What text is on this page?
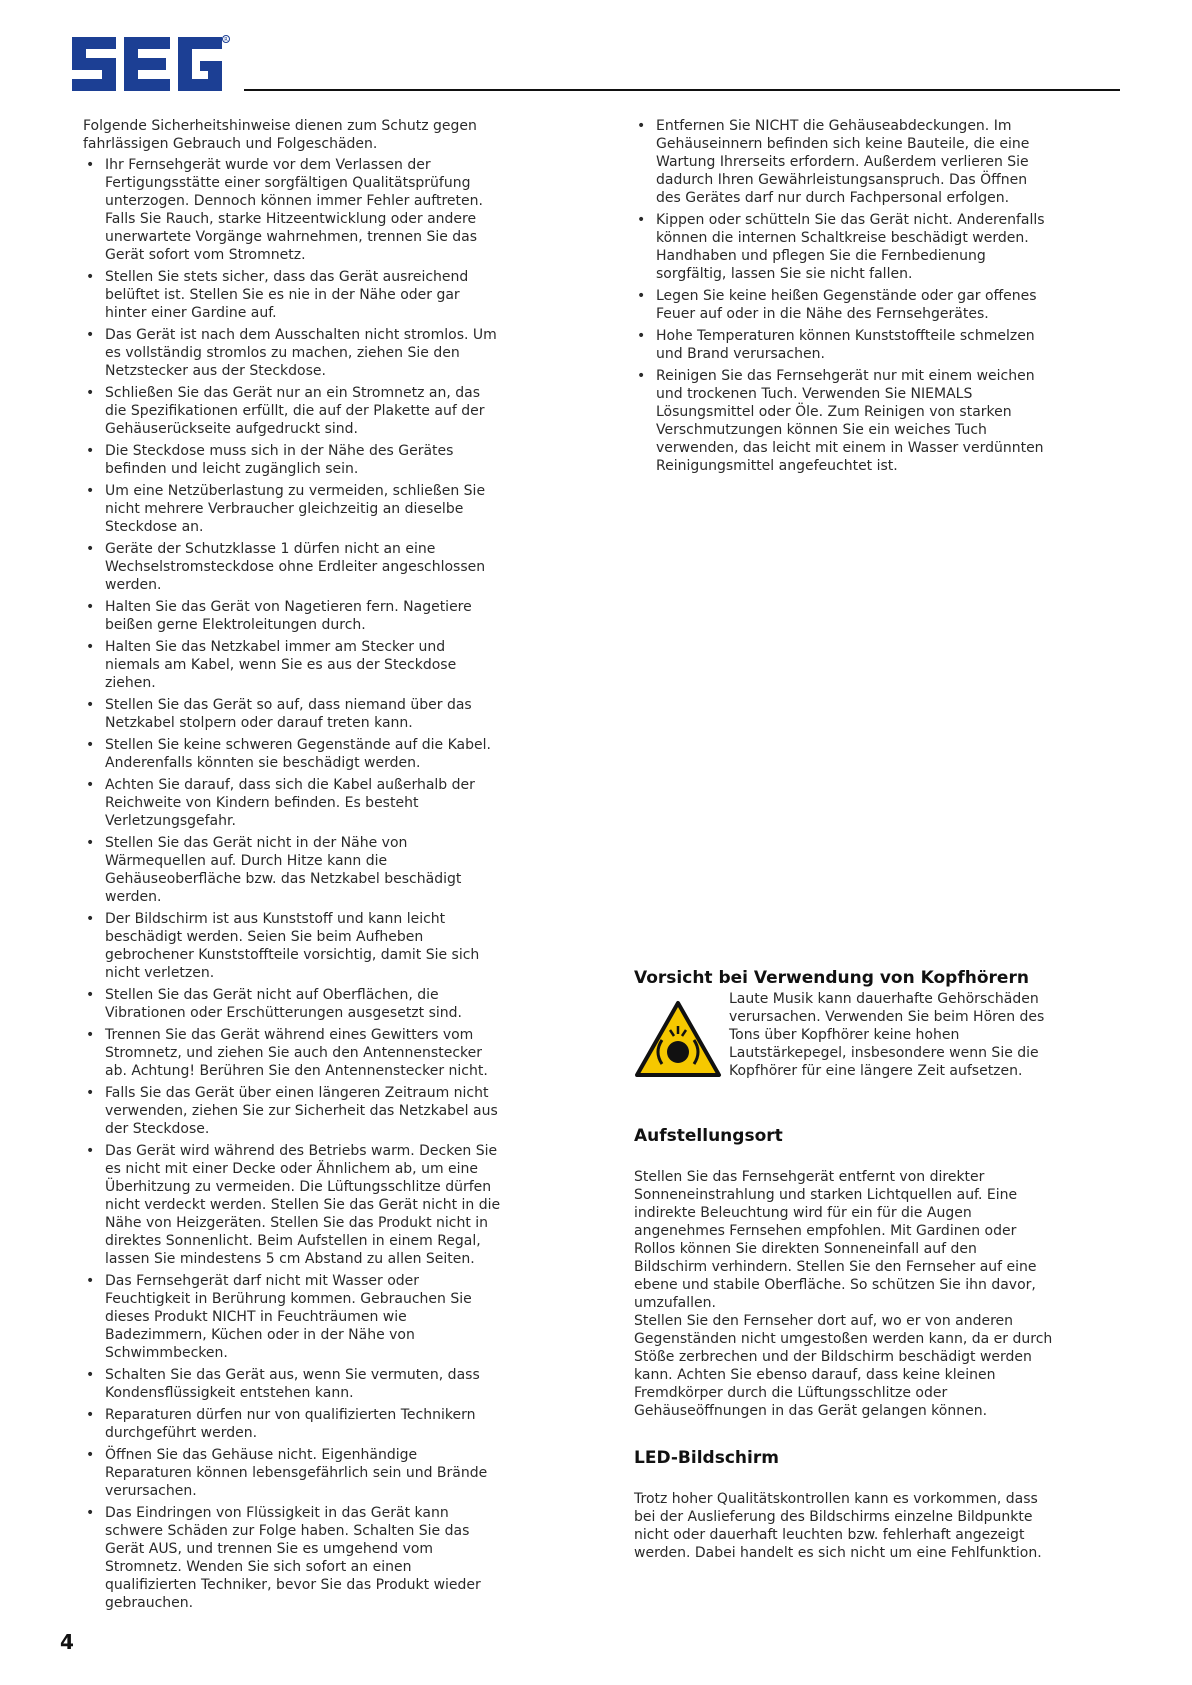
R

Folgende Sicherheitshinweise dienen zum Schutz gegen fahrlässigen Gebrauch und Folgeschäden.

• Ihr Fernsehgerät wurde vor dem Verlassen der Fertigungsstätte einer sorgfältigen Qualitätsprüfung unterzogen. Dennoch können immer Fehler auftreten. Falls Sie Rauch, starke Hitzeentwicklung oder andere unerwartete Vorgänge wahrnehmen, trennen Sie das Gerät sofort vom Stromnetz.
• Stellen Sie stets sicher, dass das Gerät ausreichend belüftet ist. Stellen Sie es nie in der Nähe oder gar hinter einer Gardine auf.
• Das Gerät ist nach dem Ausschalten nicht stromlos. Um es vollständig stromlos zu machen, ziehen Sie den Netzstecker aus der Steckdose.
• Schließen Sie das Gerät nur an ein Stromnetz an, das die Spezifikationen erfüllt, die auf der Plakette auf der Gehäuserückseite aufgedruckt sind.
• Die Steckdose muss sich in der Nähe des Gerätes befinden und leicht zugänglich sein.
• Um eine Netzüberlastung zu vermeiden, schließen Sie nicht mehrere Verbraucher gleichzeitig an dieselbe Steckdose an.
• Geräte der Schutzklasse 1 dürfen nicht an eine Wechselstromsteckdose ohne Erdleiter angeschlossen werden.
• Halten Sie das Gerät von Nagetieren fern. Nagetiere beißen gerne Elektroleitungen durch.
• Halten Sie das Netzkabel immer am Stecker und niemals am Kabel, wenn Sie es aus der Steckdose ziehen.
• Stellen Sie das Gerät so auf, dass niemand über das Netzkabel stolpern oder darauf treten kann.
• Stellen Sie keine schweren Gegenstände auf die Kabel. Anderenfalls könnten sie beschädigt werden.
• Achten Sie darauf, dass sich die Kabel außerhalb der Reichweite von Kindern befinden. Es besteht Verletzungsgefahr.
• Stellen Sie das Gerät nicht in der Nähe von Wärmequellen auf. Durch Hitze kann die Gehäuseoberfläche bzw. das Netzkabel beschädigt werden.
• Der Bildschirm ist aus Kunststoff und kann leicht beschädigt werden. Seien Sie beim Aufheben gebrochener Kunststoffteile vorsichtig, damit Sie sich nicht verletzen.
• Stellen Sie das Gerät nicht auf Oberflächen, die Vibrationen oder Erschütterungen ausgesetzt sind.
• Trennen Sie das Gerät während eines Gewitters vom Stromnetz, und ziehen Sie auch den Antennenstecker ab. Achtung! Berühren Sie den Antennenstecker nicht.
• Falls Sie das Gerät über einen längeren Zeitraum nicht verwenden, ziehen Sie zur Sicherheit das Netzkabel aus der Steckdose.
• Das Gerät wird während des Betriebs warm. Decken Sie es nicht mit einer Decke oder Ähnlichem ab, um eine Überhitzung zu vermeiden. Die Lüftungsschlitze dürfen nicht verdeckt werden. Stellen Sie das Gerät nicht in die Nähe von Heizgeräten. Stellen Sie das Produkt nicht in direktes Sonnenlicht. Beim Aufstellen in einem Regal, lassen Sie mindestens 5 cm Abstand zu allen Seiten.
• Das Fernsehgerät darf nicht mit Wasser oder Feuchtigkeit in Berührung kommen. Gebrauchen Sie dieses Produkt NICHT in Feuchträumen wie Badezimmern, Küchen oder in der Nähe von Schwimmbecken.
• Schalten Sie das Gerät aus, wenn Sie vermuten, dass Kondensflüssigkeit entstehen kann.
• Reparaturen dürfen nur von qualifizierten Technikern durchgeführt werden.
• Öffnen Sie das Gehäuse nicht. Eigenhändige Reparaturen können lebensgefährlich sein und Brände verursachen.
• Das Eindringen von Flüssigkeit in das Gerät kann schwere Schäden zur Folge haben. Schalten Sie das Gerät AUS, und trennen Sie es umgehend vom Stromnetz. Wenden Sie sich sofort an einen qualifizierten Techniker, bevor Sie das Produkt wieder gebrauchen.
• Entfernen Sie NICHT die Gehäuseabdeckungen. Im Gehäuseinnern befinden sich keine Bauteile, die eine Wartung Ihrerseits erfordern. Außerdem verlieren Sie dadurch Ihren Gewährleistungsanspruch. Das Öffnen des Gerätes darf nur durch Fachpersonal erfolgen.
• Kippen oder schütteln Sie das Gerät nicht. Anderenfalls können die internen Schaltkreise beschädigt werden. Handhaben und pflegen Sie die Fernbedienung sorgfältig, lassen Sie sie nicht fallen.
• Legen Sie keine heißen Gegenstände oder gar offenes Feuer auf oder in die Nähe des Fernsehgerätes.
• Hohe Temperaturen können Kunststoffteile schmelzen und Brand verursachen.
• Reinigen Sie das Fernsehgerät nur mit einem weichen und trockenen Tuch. Verwenden Sie NIEMALS Lösungsmittel oder Öle. Zum Reinigen von starken Verschmutzungen können Sie ein weiches Tuch verwenden, das leicht mit einem in Wasser verdünnten Reinigungsmittel angefeuchtet ist.
Vorsicht bei Verwendung von Kopfhörern

Laute Musik kann dauerhafte Gehörschäden verursachen. Verwenden Sie beim Hören des Tons über Kopfhörer keine hohen Lautstärkepegel, insbesondere wenn Sie die Kopfhörer für eine längere Zeit aufsetzen.

Aufstellungsort

Stellen Sie das Fernsehgerät entfernt von direkter Sonneneinstrahlung und starken Lichtquellen auf. Eine indirekte Beleuchtung wird für ein für die Augen angenehmes Fernsehen empfohlen. Mit Gardinen oder Rollos können Sie direkten Sonneneinfall auf den Bildschirm verhindern. Stellen Sie den Fernseher auf eine ebene und stabile Oberfläche. So schützen Sie ihn davor, umzufallen.
Stellen Sie den Fernseher dort auf, wo er von anderen Gegenständen nicht umgestoßen werden kann, da er durch Stöße zerbrechen und der Bildschirm beschädigt werden kann. Achten Sie ebenso darauf, dass keine kleinen Fremdkörper durch die Lüftungsschlitze oder Gehäuseöffnungen in das Gerät gelangen können.

LED-Bildschirm

Trotz hoher Qualitätskontrollen kann es vorkommen, dass bei der Auslieferung des Bildschirms einzelne Bildpunkte nicht oder dauerhaft leuchten bzw. fehlerhaft angezeigt werden. Dabei handelt es sich nicht um eine Fehlfunktion.

4
